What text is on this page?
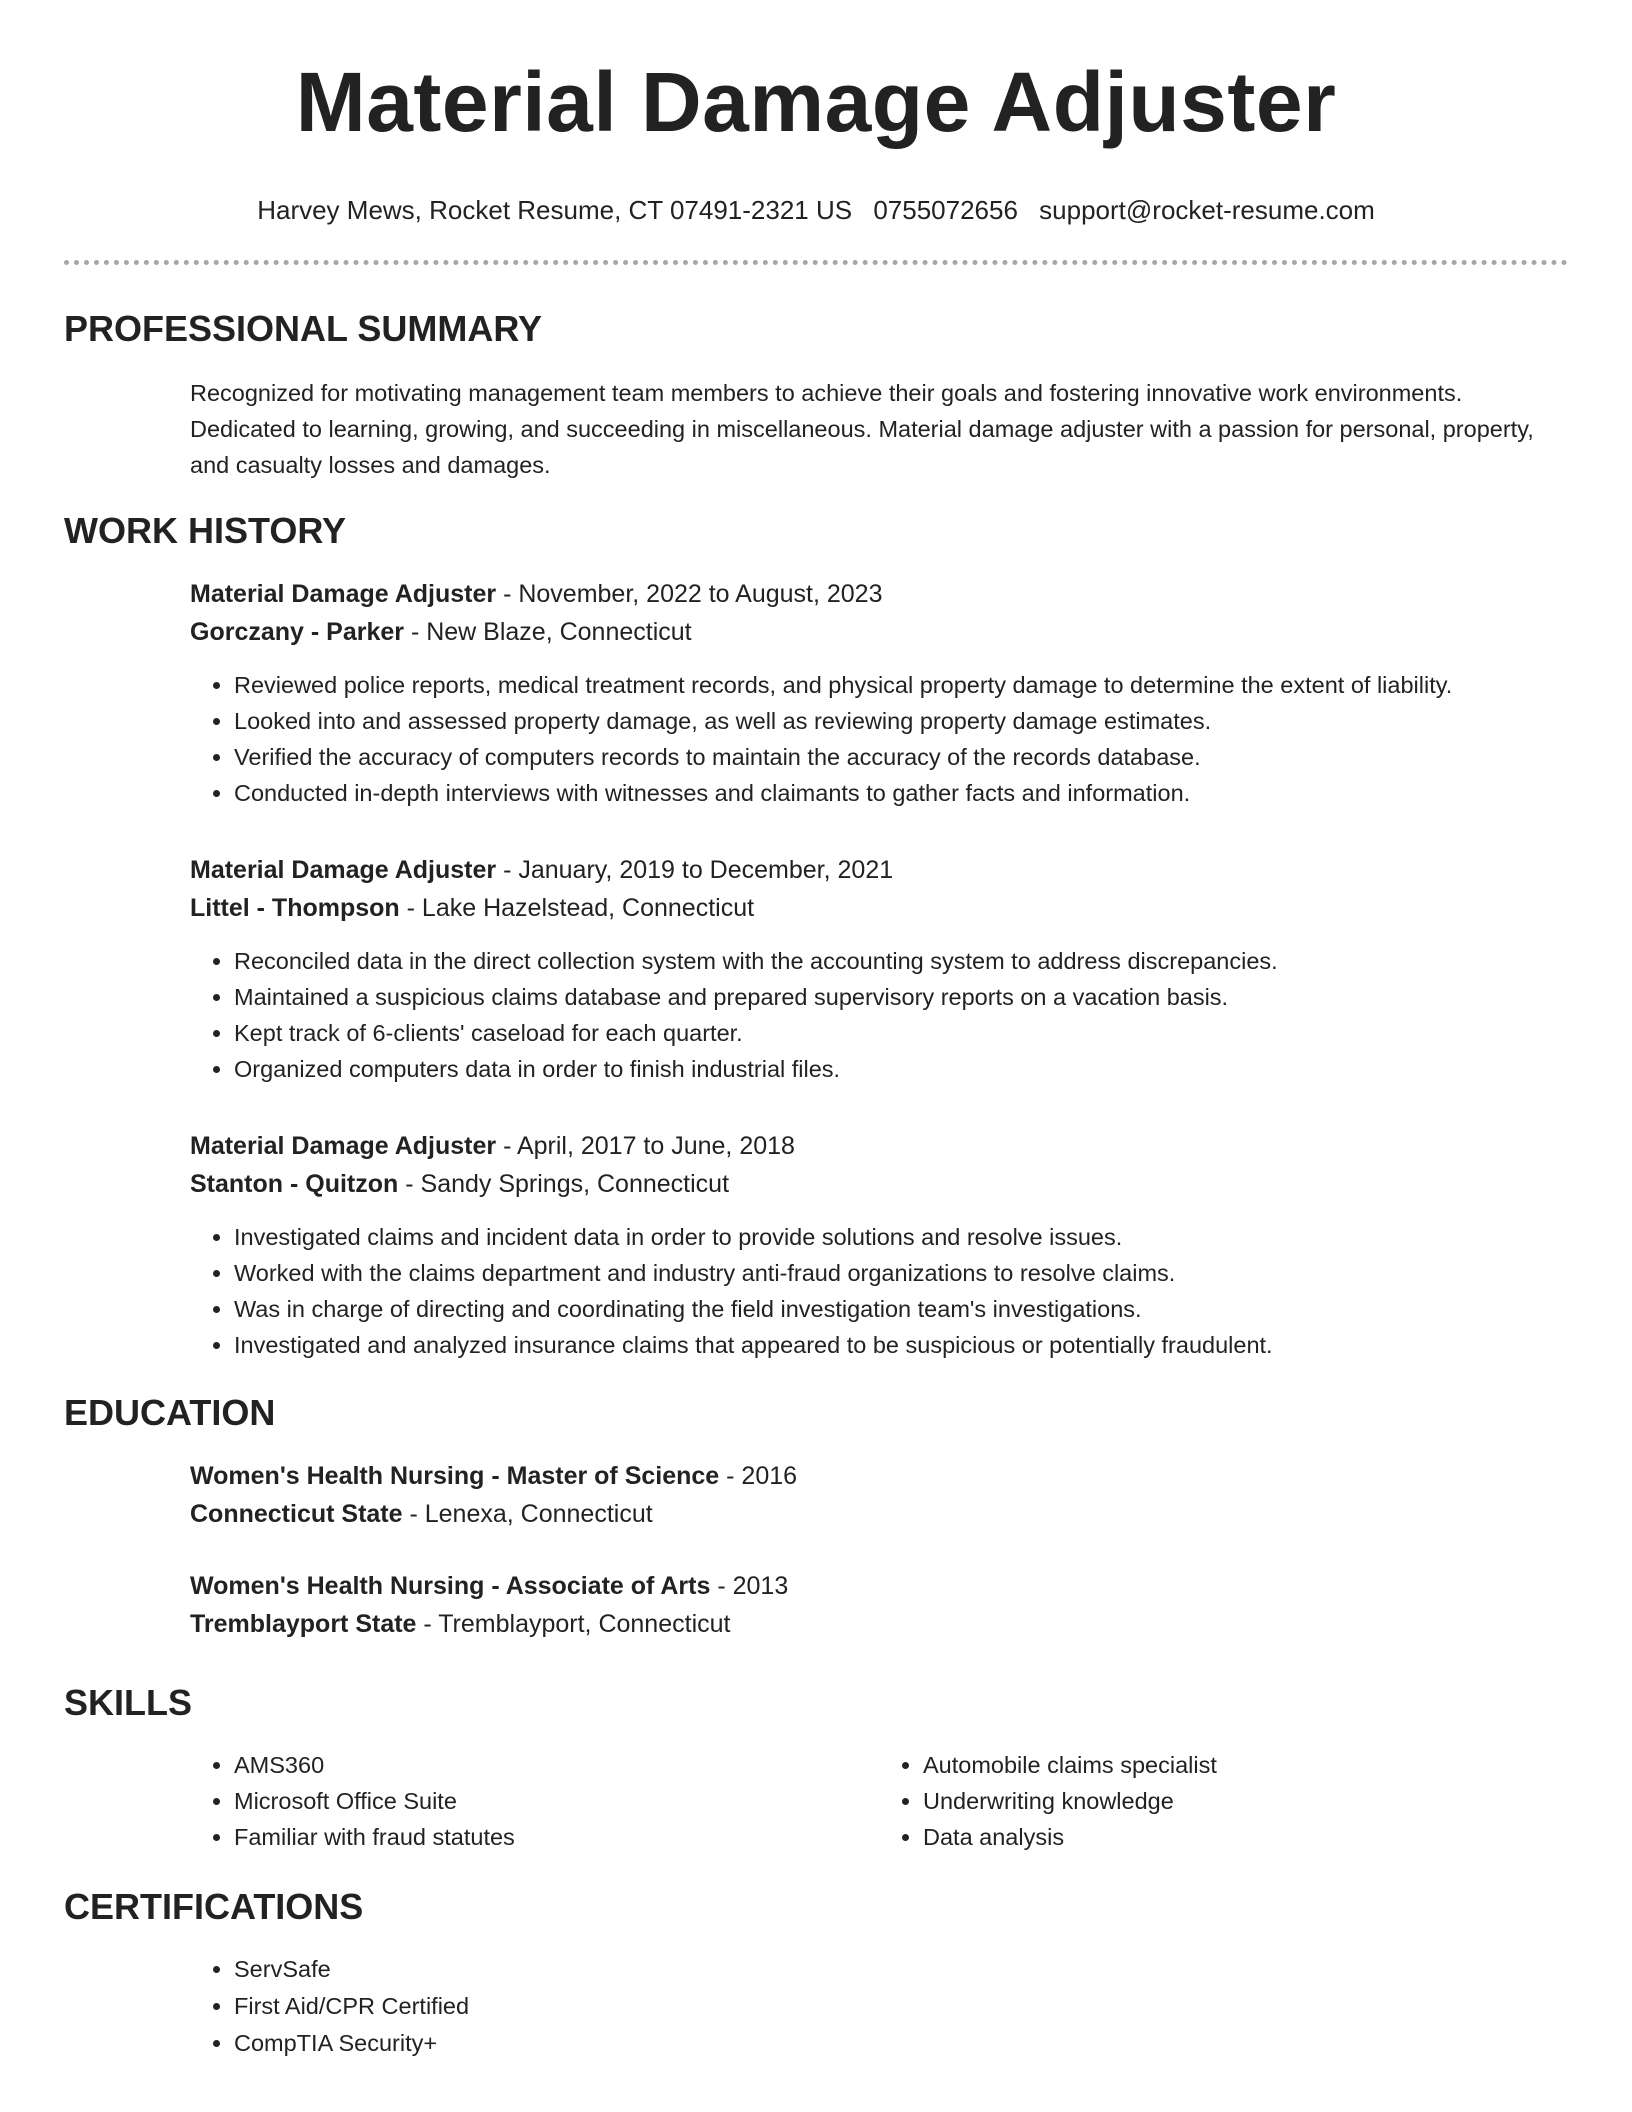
Material Damage Adjuster
Harvey Mews, Rocket Resume, CT 07491-2321 US 0755072656 support@rocket-resume.com
PROFESSIONAL SUMMARY

Recognized for motivating management team members to achieve their goals and fostering innovative work environments. Dedicated to learning, growing, and succeeding in miscellaneous. Material damage adjuster with a passion for personal, property, and casualty losses and damages.

WORK HISTORY
Material Damage Adjuster - November, 2022 to August, 2023
Gorczany - Parker - New Blaze, Connecticut
• Reviewed police reports, medical treatment records, and physical property damage to determine the extent of liability.
• Looked into and assessed property damage, as well as reviewing property damage estimates.
• Verified the accuracy of computers records to maintain the accuracy of the records database.
• Conducted in-depth interviews with witnesses and claimants to gather facts and information.
Material Damage Adjuster - January, 2019 to December, 2021
Littel - Thompson - Lake Hazelstead, Connecticut
• Reconciled data in the direct collection system with the accounting system to address discrepancies.
• Maintained a suspicious claims database and prepared supervisory reports on a vacation basis.
• Kept track of 6-clients' caseload for each quarter.
• Organized computers data in order to finish industrial files.
Material Damage Adjuster - April, 2017 to June, 2018
Stanton - Quitzon - Sandy Springs, Connecticut
• Investigated claims and incident data in order to provide solutions and resolve issues.
• Worked with the claims department and industry anti-fraud organizations to resolve claims.
• Was in charge of directing and coordinating the field investigation team's investigations.
• Investigated and analyzed insurance claims that appeared to be suspicious or potentially fraudulent.
EDUCATION
Women's Health Nursing - Master of Science - 2016
Connecticut State - Lenexa, Connecticut
Women's Health Nursing - Associate of Arts - 2013
Tremblayport State - Tremblayport, Connecticut
SKILLS
• AMS360
• Microsoft Office Suite
• Familiar with fraud statutes
• Automobile claims specialist
• Underwriting knowledge
• Data analysis
CERTIFICATIONS
• ServSafe
• First Aid/CPR Certified
• CompTIA Security+
